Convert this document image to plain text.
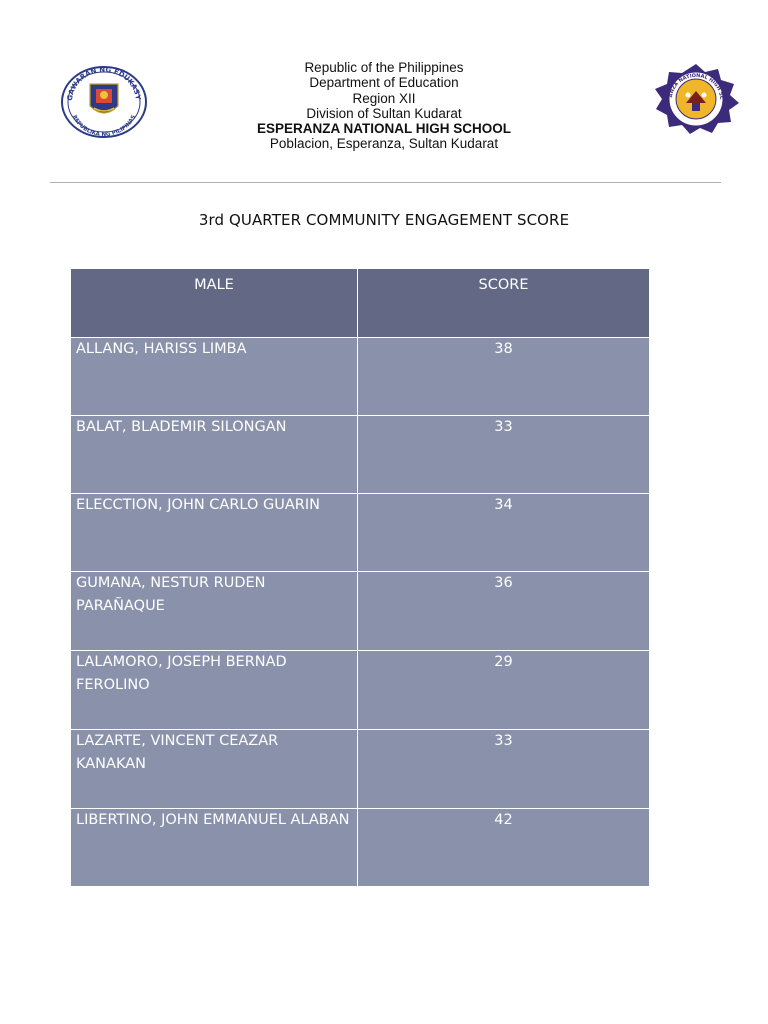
GAWARAN NG EDUKASY
REPUBLIKA NG PILIPINAS
ANZA NATIONAL HIGH SC
Republic of the Philippines
Department of Education
Region XII
Division of Sultan Kudarat
ESPERANZA NATIONAL HIGH SCHOOL
Poblacion, Esperanza, Sultan Kudarat
3rd QUARTER COMMUNITY ENGAGEMENT SCORE
MALE	SCORE
ALLANG, HARISS LIMBA	38
BALAT, BLADEMIR SILONGAN	33
ELECCTION, JOHN CARLO GUARIN	34
GUMANA, NESTUR RUDEN PARAÑAQUE	36
LALAMORO, JOSEPH BERNAD FEROLINO	29
LAZARTE, VINCENT CEAZAR KANAKAN	33
LIBERTINO, JOHN EMMANUEL ALABAN	42
